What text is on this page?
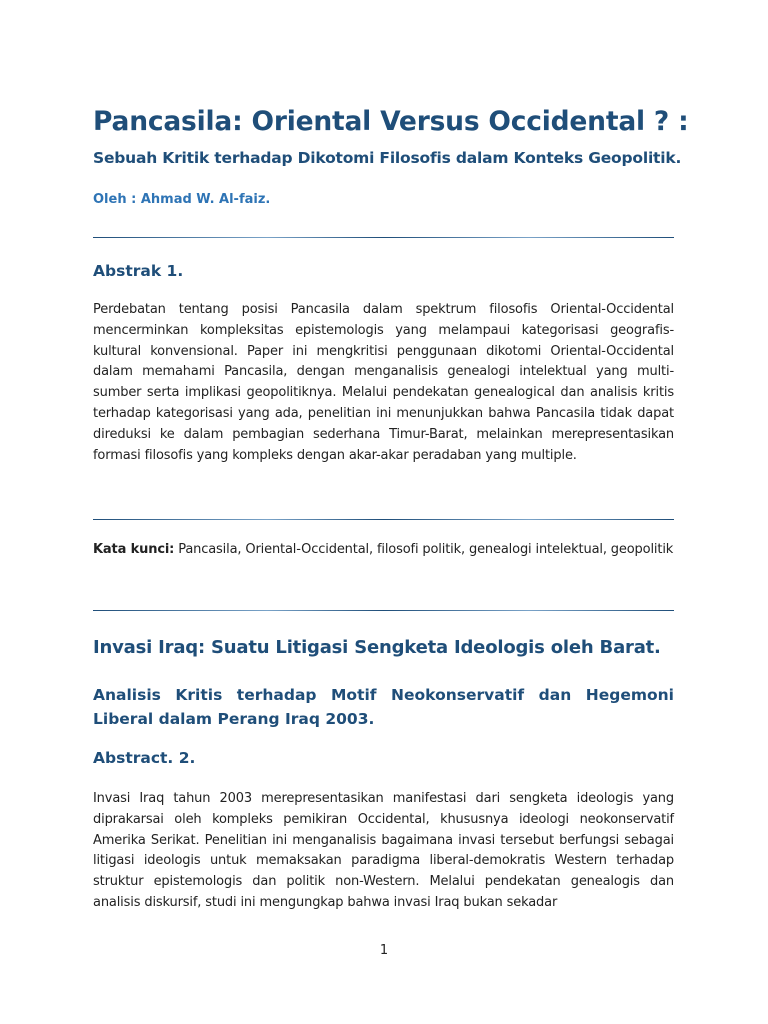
Pancasila: Oriental Versus Occidental ? :
Sebuah Kritik terhadap Dikotomi Filosofis dalam Konteks Geopolitik.
Oleh : Ahmad W. Al-faiz.
Abstrak 1.

Perdebatan tentang posisi Pancasila dalam spektrum filosofis Oriental-Occidental mencerminkan kompleksitas epistemologis yang melampaui kategorisasi geografis-kultural konvensional. Paper ini mengkritisi penggunaan dikotomi Oriental-Occidental dalam memahami Pancasila, dengan menganalisis genealogi intelektual yang multi-sumber serta implikasi geopolitiknya. Melalui pendekatan genealogical dan analisis kritis terhadap kategorisasi yang ada, penelitian ini menunjukkan bahwa Pancasila tidak dapat direduksi ke dalam pembagian sederhana Timur-Barat, melainkan merepresentasikan formasi filosofis yang kompleks dengan akar-akar peradaban yang multiple.

Kata kunci: Pancasila, Oriental-Occidental, filosofi politik, genealogi intelektual, geopolitik

Invasi Iraq: Suatu Litigasi Sengketa Ideologis oleh Barat.
Analisis Kritis terhadap Motif Neokonservatif dan Hegemoni Liberal dalam Perang Iraq 2003.
Abstract. 2.

Invasi Iraq tahun 2003 merepresentasikan manifestasi dari sengketa ideologis yang diprakarsai oleh kompleks pemikiran Occidental, khususnya ideologi neokonservatif Amerika Serikat. Penelitian ini menganalisis bagaimana invasi tersebut berfungsi sebagai litigasi ideologis untuk memaksakan paradigma liberal-demokratis Western terhadap struktur epistemologis dan politik non-Western. Melalui pendekatan genealogis dan analisis diskursif, studi ini mengungkap bahwa invasi Iraq bukan sekadar

1
